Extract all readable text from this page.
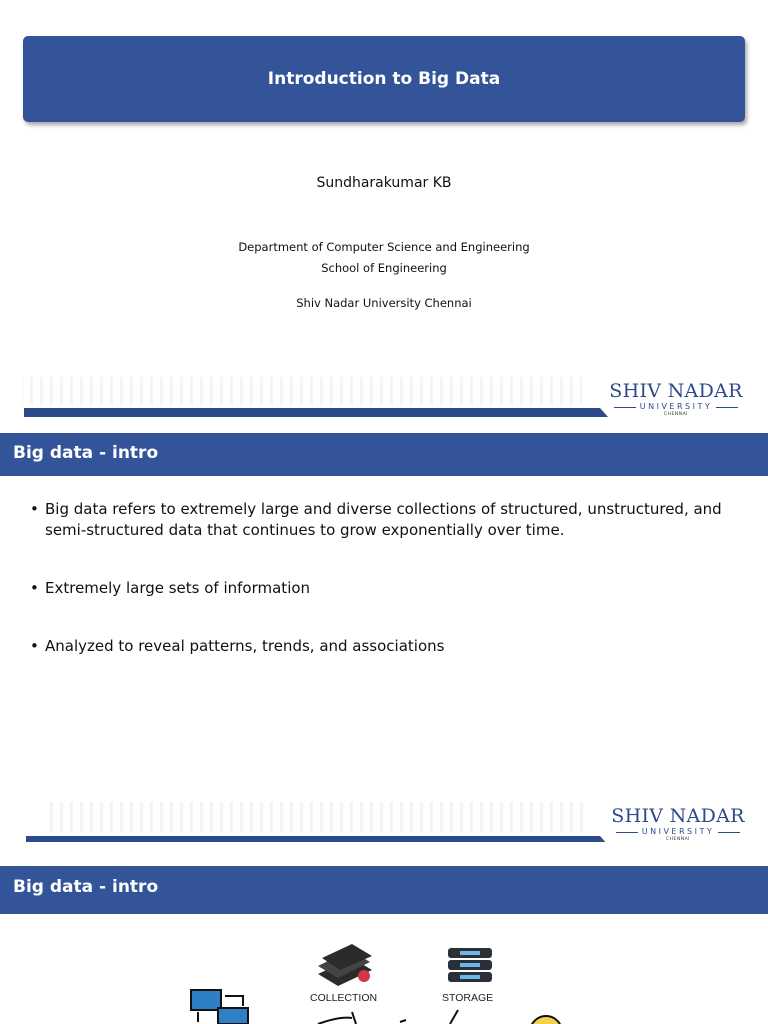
Introduction to Big Data
Sundharakumar KB
Department of Computer Science and Engineering
School of Engineering
Shiv Nadar University Chennai
SHIV NADAR
UNIVERSITY
CHENNAI
Big data - intro
• Big data refers to extremely large and diverse collections of structured, unstructured, and semi-structured data that continues to grow exponentially over time.
• Extremely large sets of information
• Analyzed to reveal patterns, trends, and associations
SHIV NADAR
UNIVERSITY
CHENNAI
Big data - intro
COLLECTION	STORAGE
